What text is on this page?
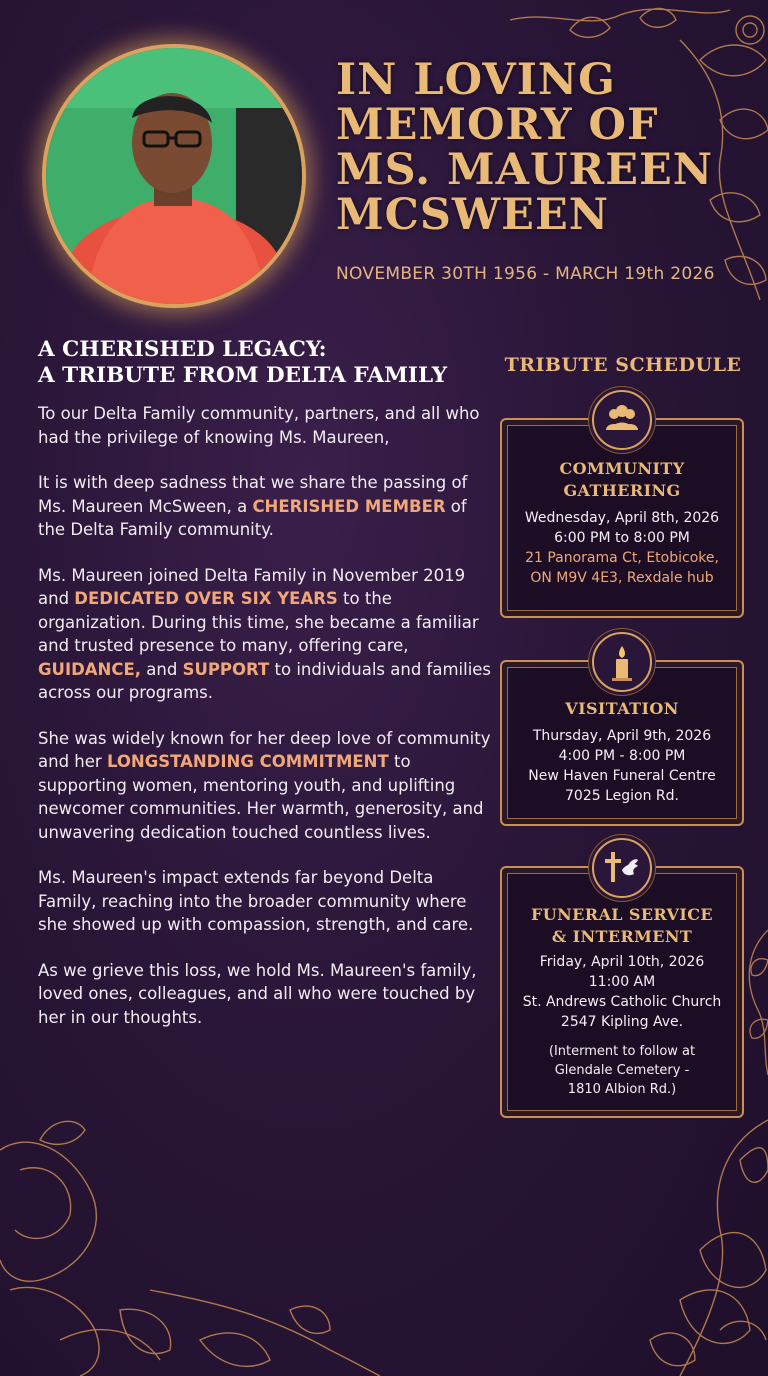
IN LOVING
MEMORY OF
MS. MAUREEN
MCSWEEN
NOVEMBER 30TH 1956 - MARCH 19th 2026
A CHERISHED LEGACY:
A TRIBUTE FROM DELTA FAMILY

To our Delta Family community, partners, and all who had the privilege of knowing Ms. Maureen,

It is with deep sadness that we share the passing of Ms. Maureen McSween, a CHERISHED MEMBER of the Delta Family community.

Ms. Maureen joined Delta Family in November 2019 and DEDICATED OVER SIX YEARS to the organization. During this time, she became a familiar and trusted presence to many, offering care, GUIDANCE, and SUPPORT to individuals and families across our programs.

She was widely known for her deep love of community and her LONGSTANDING COMMITMENT to supporting women, mentoring youth, and uplifting newcomer communities. Her warmth, generosity, and unwavering dedication touched countless lives.

Ms. Maureen's impact extends far beyond Delta Family, reaching into the broader community where she showed up with compassion, strength, and care.

As we grieve this loss, we hold Ms. Maureen's family, loved ones, colleagues, and all who were touched by her in our thoughts.

TRIBUTE SCHEDULE
COMMUNITY
GATHERING
Wednesday, April 8th, 2026
6:00 PM to 8:00 PM
21 Panorama Ct, Etobicoke,
ON M9V 4E3, Rexdale hub
VISITATION
Thursday, April 9th, 2026
4:00 PM - 8:00 PM
New Haven Funeral Centre
7025 Legion Rd.
FUNERAL SERVICE
& INTERMENT
Friday, April 10th, 2026
11:00 AM
St. Andrews Catholic Church
2547 Kipling Ave.
(Interment to follow at
Glendale Cemetery -
1810 Albion Rd.)
